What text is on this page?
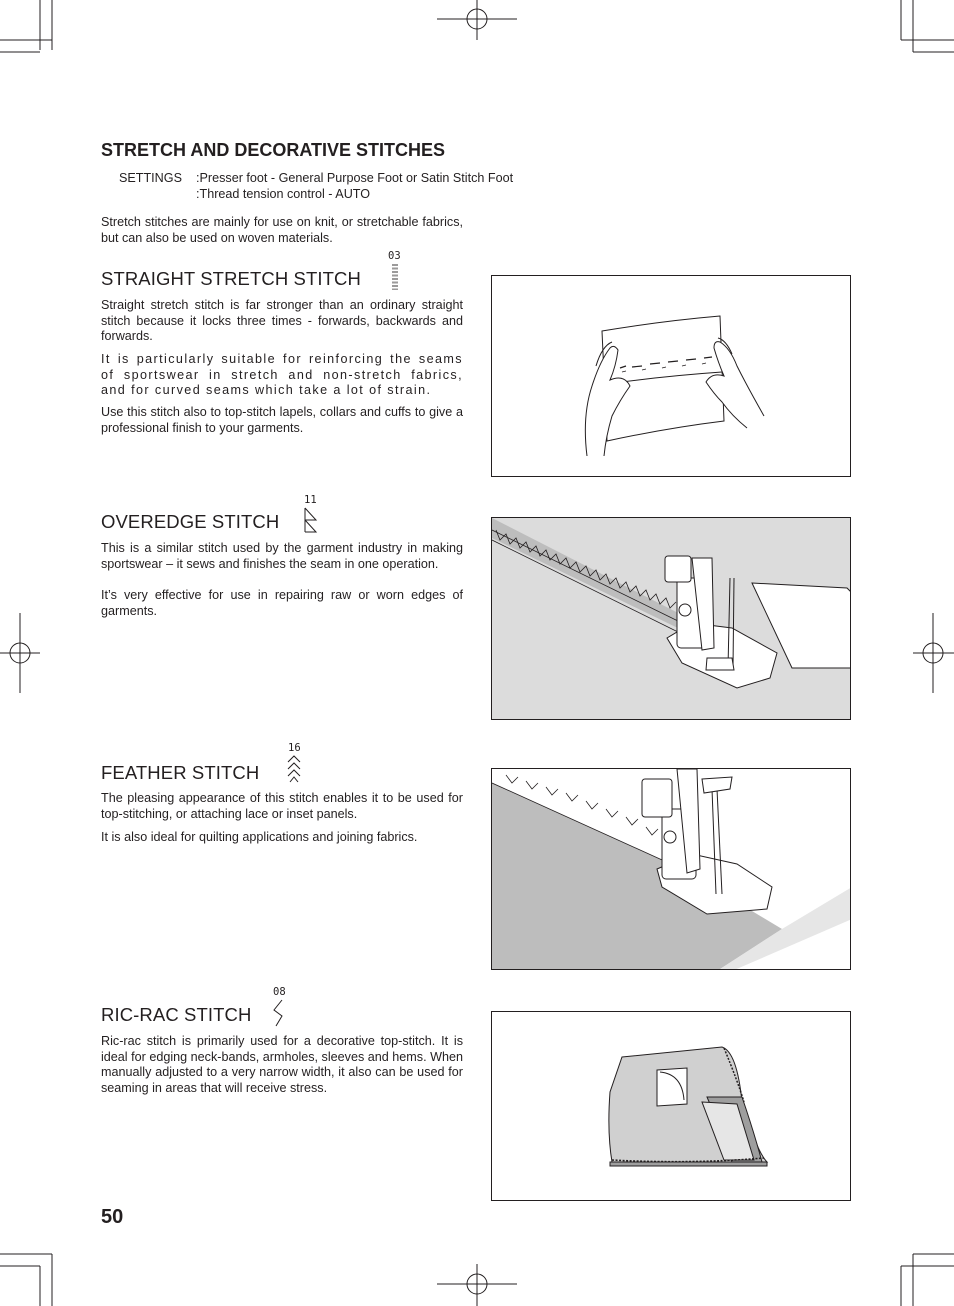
STRETCH AND DECORATIVE STITCHES
SETTINGS :Presser foot - General Purpose Foot or Satin Stitch Foot
:Thread tension control - AUTO

Stretch stitches are mainly for use on knit, or stretchable fabrics, but can also be used on woven materials.

STRAIGHT STRETCH STITCH
03

Straight stretch stitch is far stronger than an ordinary straight stitch because it locks three times - forwards, backwards and forwards.

It is particularly suitable for reinforcing the seams of sportswear in stretch and non-stretch fabrics, and for curved seams which take a lot of strain.

Use this stitch also to top-stitch lapels, collars and cuffs to give a professional finish to your garments.

OVEREDGE STITCH
11

This is a similar stitch used by the garment industry in making sportswear – it sews and finishes the seam in one operation.

It’s very effective for use in repairing raw or worn edges of garments.

FEATHER STITCH
16

The pleasing appearance of this stitch enables it to be used for top-stitching, or attaching lace or inset panels.

It is also ideal for quilting applications and joining fabrics.

RIC-RAC STITCH
08

Ric-rac stitch is primarily used for a decorative top-stitch. It is ideal for edging neck-bands, armholes, sleeves and hems. When manually adjusted to a very narrow width, it also can be used for seaming in areas that will receive stress.

50
